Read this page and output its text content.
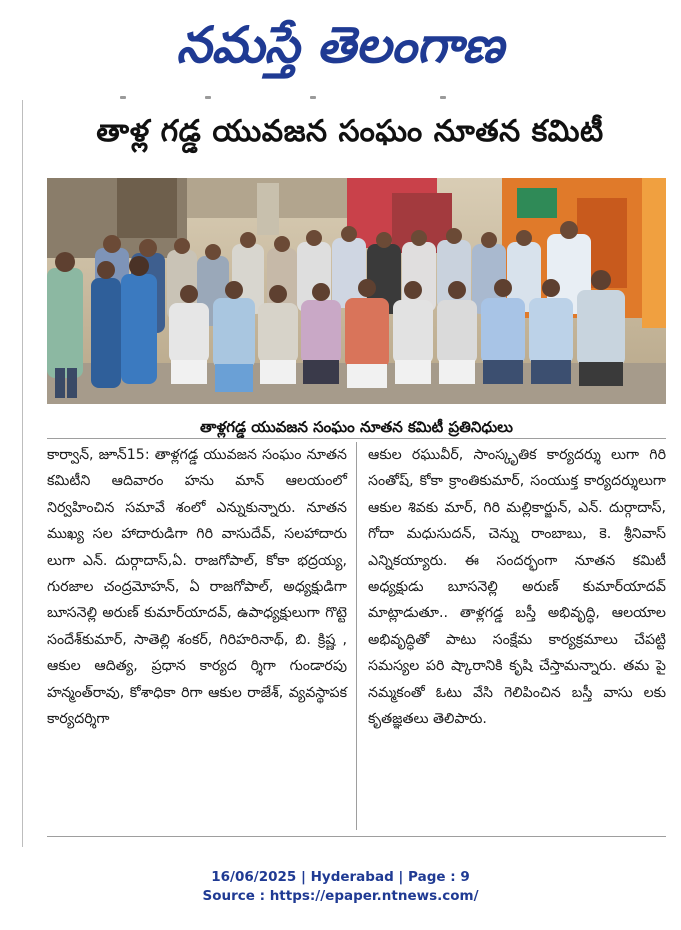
నమస్తే తెలంగాణ
తాళ్ల గడ్డ యువజన సంఘం నూతన కమిటీ
తాళ్లగడ్డ యువజన సంఘం నూతన కమిటీ ప్రతినిధులు

కార్వాన్, జూన్15: తాళ్లగడ్డ యువజన సంఘం నూతన కమిటీని ఆదివారం హను మాన్ ఆలయంలో నిర్వహించిన సమావే శంలో ఎన్నుకున్నారు. నూతన ముఖ్య సల హాదారుడిగా గిరి వాసుదేవ్, సలహాదారు లుగా ఎన్. దుర్గాదాస్,ఏ. రాజగోపాల్, కోకా భద్రయ్య, గురజాల చంద్రమోహన్, ఏ రాజగోపాల్, అధ్యక్షుడిగా బూసనెల్లి అరుణ్ కుమార్‌యాదవ్, ఉపాధ్యక్షులుగా గొట్టె సందేశ్‌కుమార్, సాతెల్లి శంకర్, గిరిహరినాథ్, బి. క్రిష్ణ , ఆకుల ఆదిత్య, ప్రధాన కార్యద ర్శిగా గుండారపు హన్మంత్‌రావు, కోశాధికా రిగా ఆకుల రాజేశ్, వ్యవస్థాపక కార్యదర్శిగా

ఆకుల రఘువీర్, సాంస్కృతిక కార్యదర్శు లుగా గిరి సంతోష్, కోకా క్రాంతికుమార్, సంయుక్త కార్యదర్శులుగా ఆకుల శివకు మార్, గిరి మల్లికార్జున్, ఎన్. దుర్గాదాస్, గోదా మధుసుదన్, చెన్ను రాంబాబు, కె. శ్రీనివాస్ ఎన్నికయ్యారు. ఈ సందర్భంగా నూతన కమిటీ అధ్యక్షుడు బూసనెల్లి అరుణ్ కుమార్‌యాదవ్ మాట్లాడుతూ.. తాళ్లగడ్డ బస్తీ అభివృద్ధి, ఆలయాల అభివృద్ధితో పాటు సంక్షేమ కార్యక్రమాలు చేపట్టి సమస్యల పరి ష్కారానికి కృషి చేస్తామన్నారు. తమ పై నమ్మకంతో ఓటు వేసి గెలిపించిన బస్తీ వాసు లకు కృతజ్ఞతలు తెలిపారు.

16/06/2025 | Hyderabad | Page : 9
Source : https://epaper.ntnews.com/
